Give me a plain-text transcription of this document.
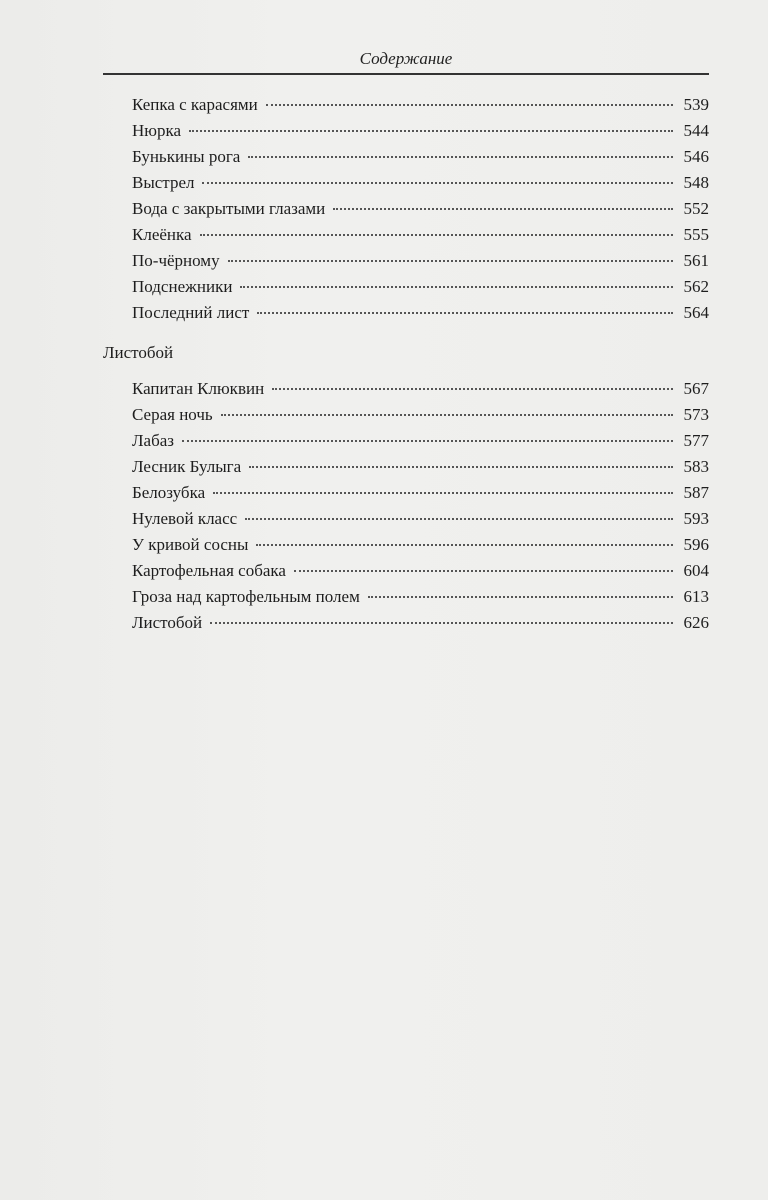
Содержание
Кепка с карасями	539
Нюрка	544
Бунькины рога	546
Выстрел	548
Вода с закрытыми глазами	552
Клеёнка	555
По-чёрному	561
Подснежники	562
Последний лист	564
Листобой
Капитан Клюквин	567
Серая ночь	573
Лабаз	577
Лесник Булыга	583
Белозубка	587
Нулевой класс	593
У кривой сосны	596
Картофельная собака	604
Гроза над картофельным полем	613
Листобой	626
